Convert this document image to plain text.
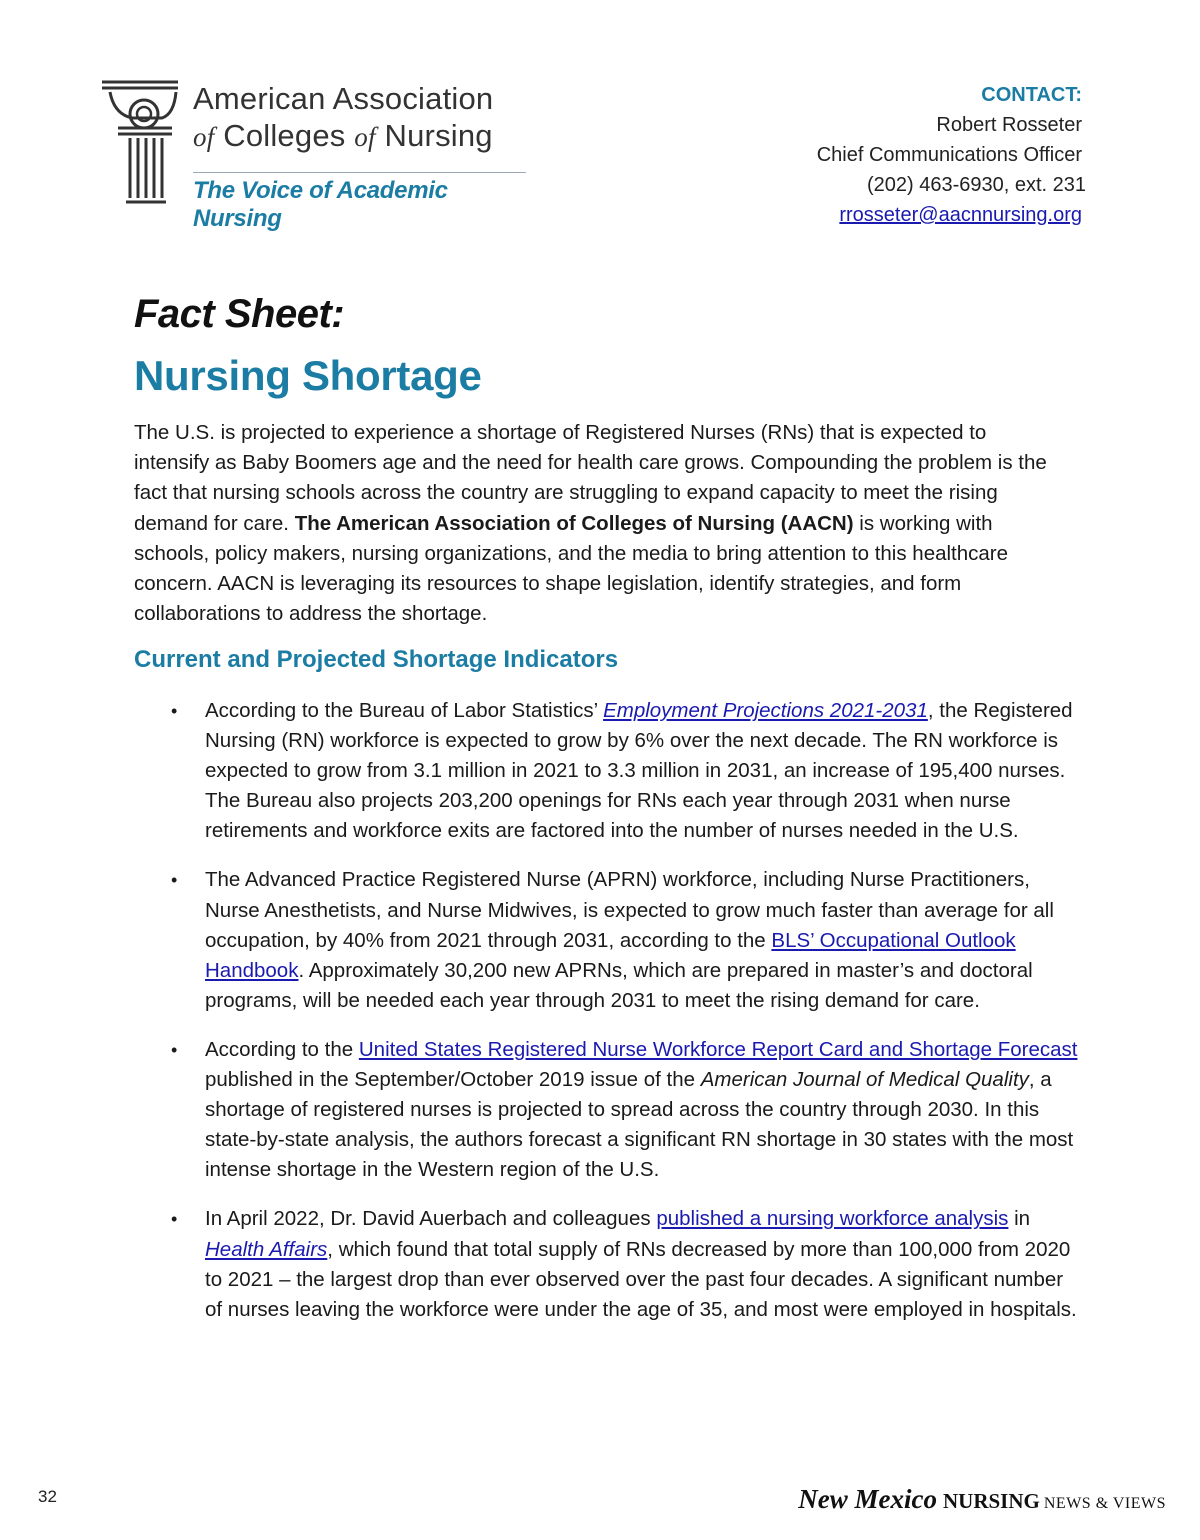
American Association
of Colleges of Nursing
The Voice of Academic Nursing
CONTACT:
Robert Rosseter
Chief Communications Officer
(202) 463-6930, ext. 231
rrosseter@aacnnursing.org
Fact Sheet:
Nursing Shortage

The U.S. is projected to experience a shortage of Registered Nurses (RNs) that is expected to intensify as Baby Boomers age and the need for health care grows. Compounding the problem is the fact that nursing schools across the country are struggling to expand capacity to meet the rising demand for care. The American Association of Colleges of Nursing (AACN) is working with schools, policy makers, nursing organizations, and the media to bring attention to this healthcare concern. AACN is leveraging its resources to shape legislation, identify strategies, and form collaborations to address the shortage.

Current and Projected Shortage Indicators
• According to the Bureau of Labor Statistics’ Employment Projections 2021-2031, the Registered Nursing (RN) workforce is expected to grow by 6% over the next decade. The RN workforce is expected to grow from 3.1 million in 2021 to 3.3 million in 2031, an increase of 195,400 nurses. The Bureau also projects 203,200 openings for RNs each year through 2031 when nurse retirements and workforce exits are factored into the number of nurses needed in the U.S.
• The Advanced Practice Registered Nurse (APRN) workforce, including Nurse Practitioners, Nurse Anesthetists, and Nurse Midwives, is expected to grow much faster than average for all occupation, by 40% from 2021 through 2031, according to the BLS’ Occupational Outlook Handbook. Approximately 30,200 new APRNs, which are prepared in master’s and doctoral programs, will be needed each year through 2031 to meet the rising demand for care.
• According to the United States Registered Nurse Workforce Report Card and Shortage Forecast published in the September/October 2019 issue of the American Journal of Medical Quality, a shortage of registered nurses is projected to spread across the country through 2030. In this state-by-state analysis, the authors forecast a significant RN shortage in 30 states with the most intense shortage in the Western region of the U.S.
• In April 2022, Dr. David Auerbach and colleagues published a nursing workforce analysis in Health Affairs, which found that total supply of RNs decreased by more than 100,000 from 2020 to 2021 – the largest drop than ever observed over the past four decades. A significant number of nurses leaving the workforce were under the age of 35, and most were employed in hospitals.
32	New Mexico NURSING NEWS & VIEWS
